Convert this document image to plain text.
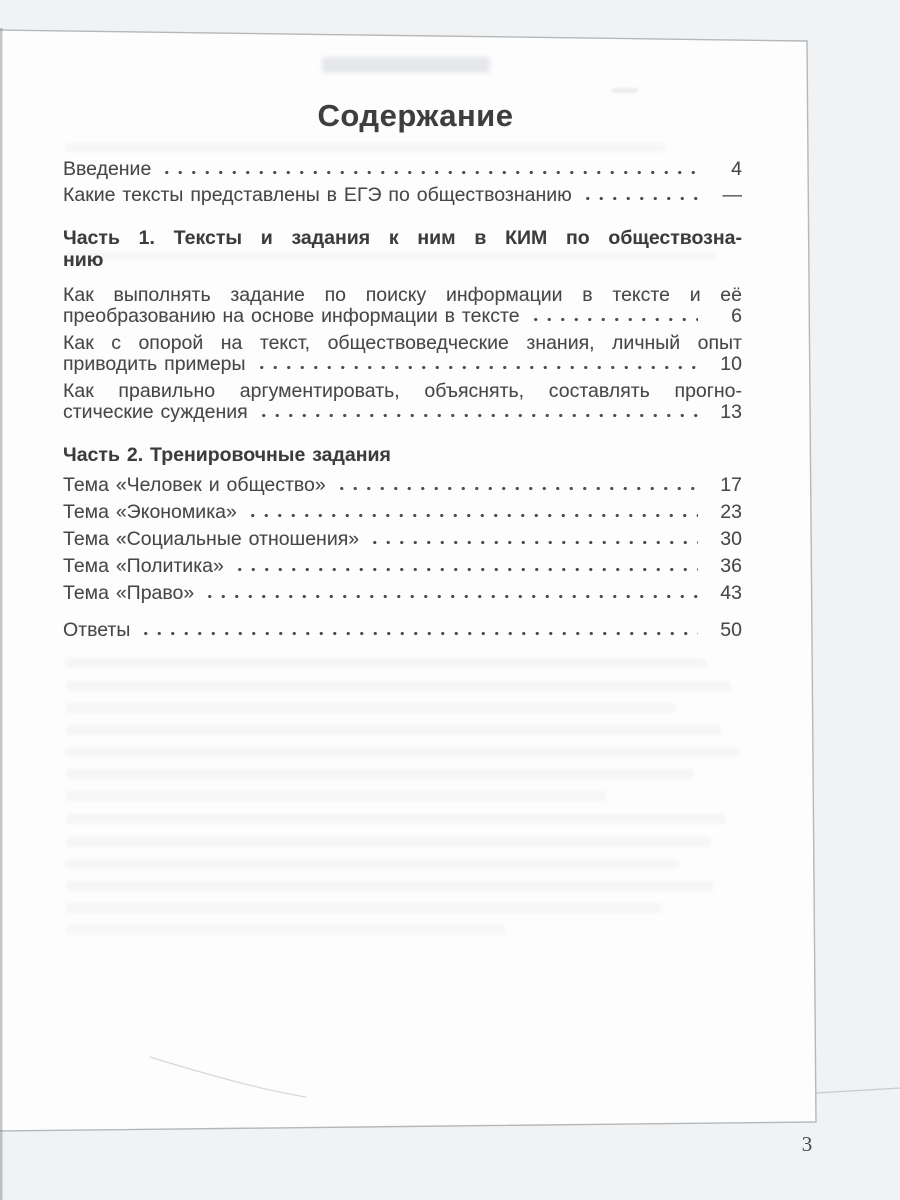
Содержание
Введение	4
Какие тексты представлены в ЕГЭ по обществознанию	—
Часть 1. Тексты и задания к ним в КИМ по обществозна-
нию
Как выполнять задание по поиску информации в тексте и её
преобразованию на основе информации в тексте	6
Как с опорой на текст, обществоведческие знания, личный опыт
приводить примеры	10
Как правильно аргументировать, объяснять, составлять прогно-
стические суждения	13
Часть 2. Тренировочные задания
Тема «Человек и общество»	17
Тема «Экономика»	23
Тема «Социальные отношения»	30
Тема «Политика»	36
Тема «Право»	43
Ответы	50
3
